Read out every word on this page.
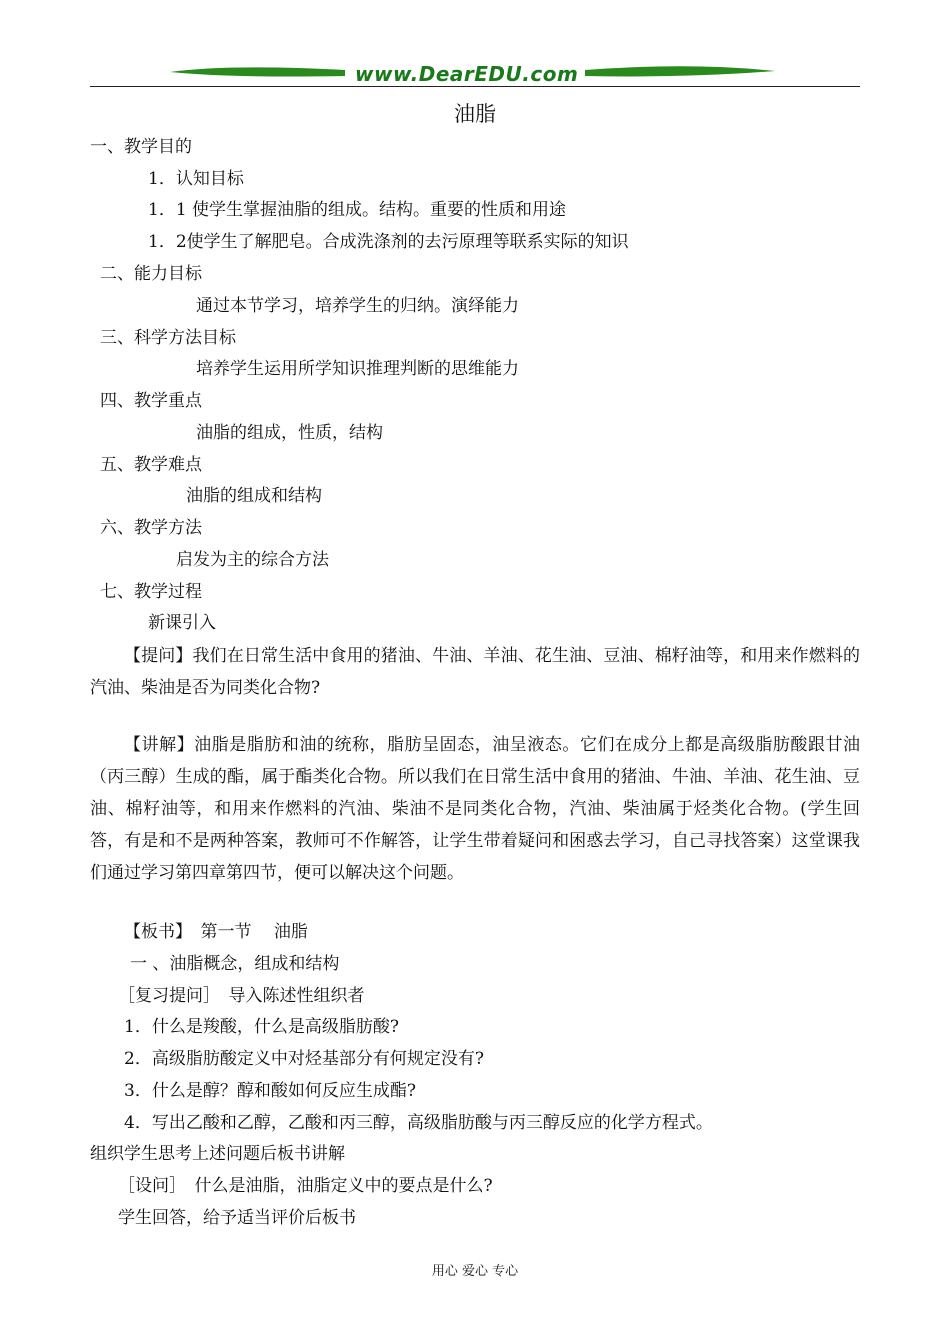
www.DearEDU.com
油脂
一、教学目的
1．认知目标
1．1 使学生掌握油脂的组成。结构。重要的性质和用途
1．2使学生了解肥皂。合成洗涤剂的去污原理等联系实际的知识
二、能力目标
通过本节学习，培养学生的归纳。演绎能力
三、科学方法目标
培养学生运用所学知识推理判断的思维能力
四、教学重点
油脂的组成，性质，结构
五、教学难点
油脂的组成和结构
六、教学方法
启发为主的综合方法
七、教学过程
新课引入
【提问】我们在日常生活中食用的猪油、牛油、羊油、花生油、豆油、棉籽油等，和用来作燃料的汽油、柴油是否为同类化合物?
【讲解】油脂是脂肪和油的统称，脂肪呈固态，油呈液态。它们在成分上都是高级脂肪酸跟甘油（丙三醇）生成的酯，属于酯类化合物。所以我们在日常生活中食用的猪油、牛油、羊油、花生油、豆油、棉籽油等，和用来作燃料的汽油、柴油不是同类化合物，汽油、柴油属于烃类化合物。(学生回答，有是和不是两种答案，教师可不作解答，让学生带着疑问和困惑去学习，自己寻找答案）这堂课我们通过学习第四章第四节，便可以解决这个问题。
【板书】　第一节　 油脂
一 、油脂概念，组成和结构
［复习提问］　导入陈述性组织者
1．什么是羧酸，什么是高级脂肪酸?
2．高级脂肪酸定义中对烃基部分有何规定没有?
3．什么是醇？醇和酸如何反应生成酯?
4．写出乙酸和乙醇，乙酸和丙三醇，高级脂肪酸与丙三醇反应的化学方程式。
组织学生思考上述问题后板书讲解
［设问］　什么是油脂，油脂定义中的要点是什么?
学生回答，给予适当评价后板书
用心 爱心 专心
